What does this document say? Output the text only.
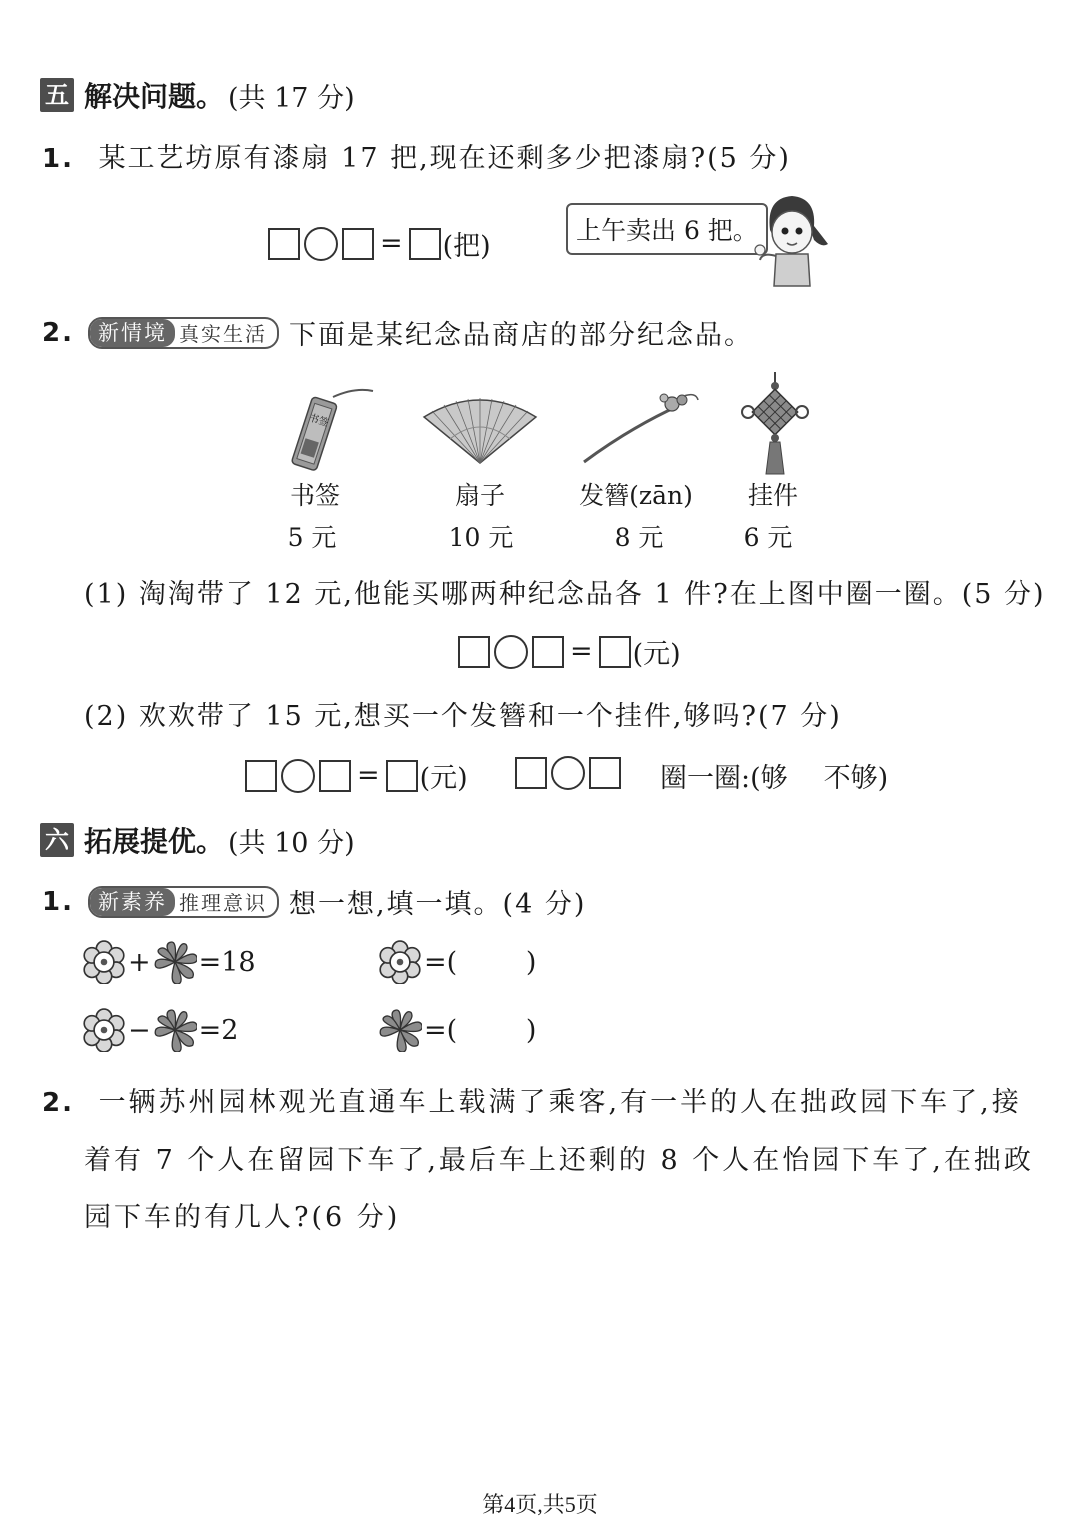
五 解决问题。 (共 17 分)
1. 某工艺坊原有漆扇 17 把,现在还剩多少把漆扇?(5 分)
= (把)
上午卖出 6 把。
2.	新情境 真实生活 下面是某纪念品商店的部分纪念品。
书签
书签	扇子	发簪(zān)	挂件
5 元	10 元	8 元	6 元
(1) 淘淘带了 12 元,他能买哪两种纪念品各 1 件?在上图中圈一圈。(5 分)
= (元)
(2) 欢欢带了 15 元,想买一个发簪和一个挂件,够吗?(7 分)
= (元)	圈一圈:(够 不够)
六 拓展提优。 (共 10 分)
1.	新素养 推理意识 想一想,填一填。(4 分)
+ =18	=(        )
− =2	=(        )
2. 一辆苏州园林观光直通车上载满了乘客,有一半的人在拙政园下车了,接
着有 7 个人在留园下车了,最后车上还剩的 8 个人在怡园下车了,在拙政
园下车的有几人?(6 分)
第4页,共5页
